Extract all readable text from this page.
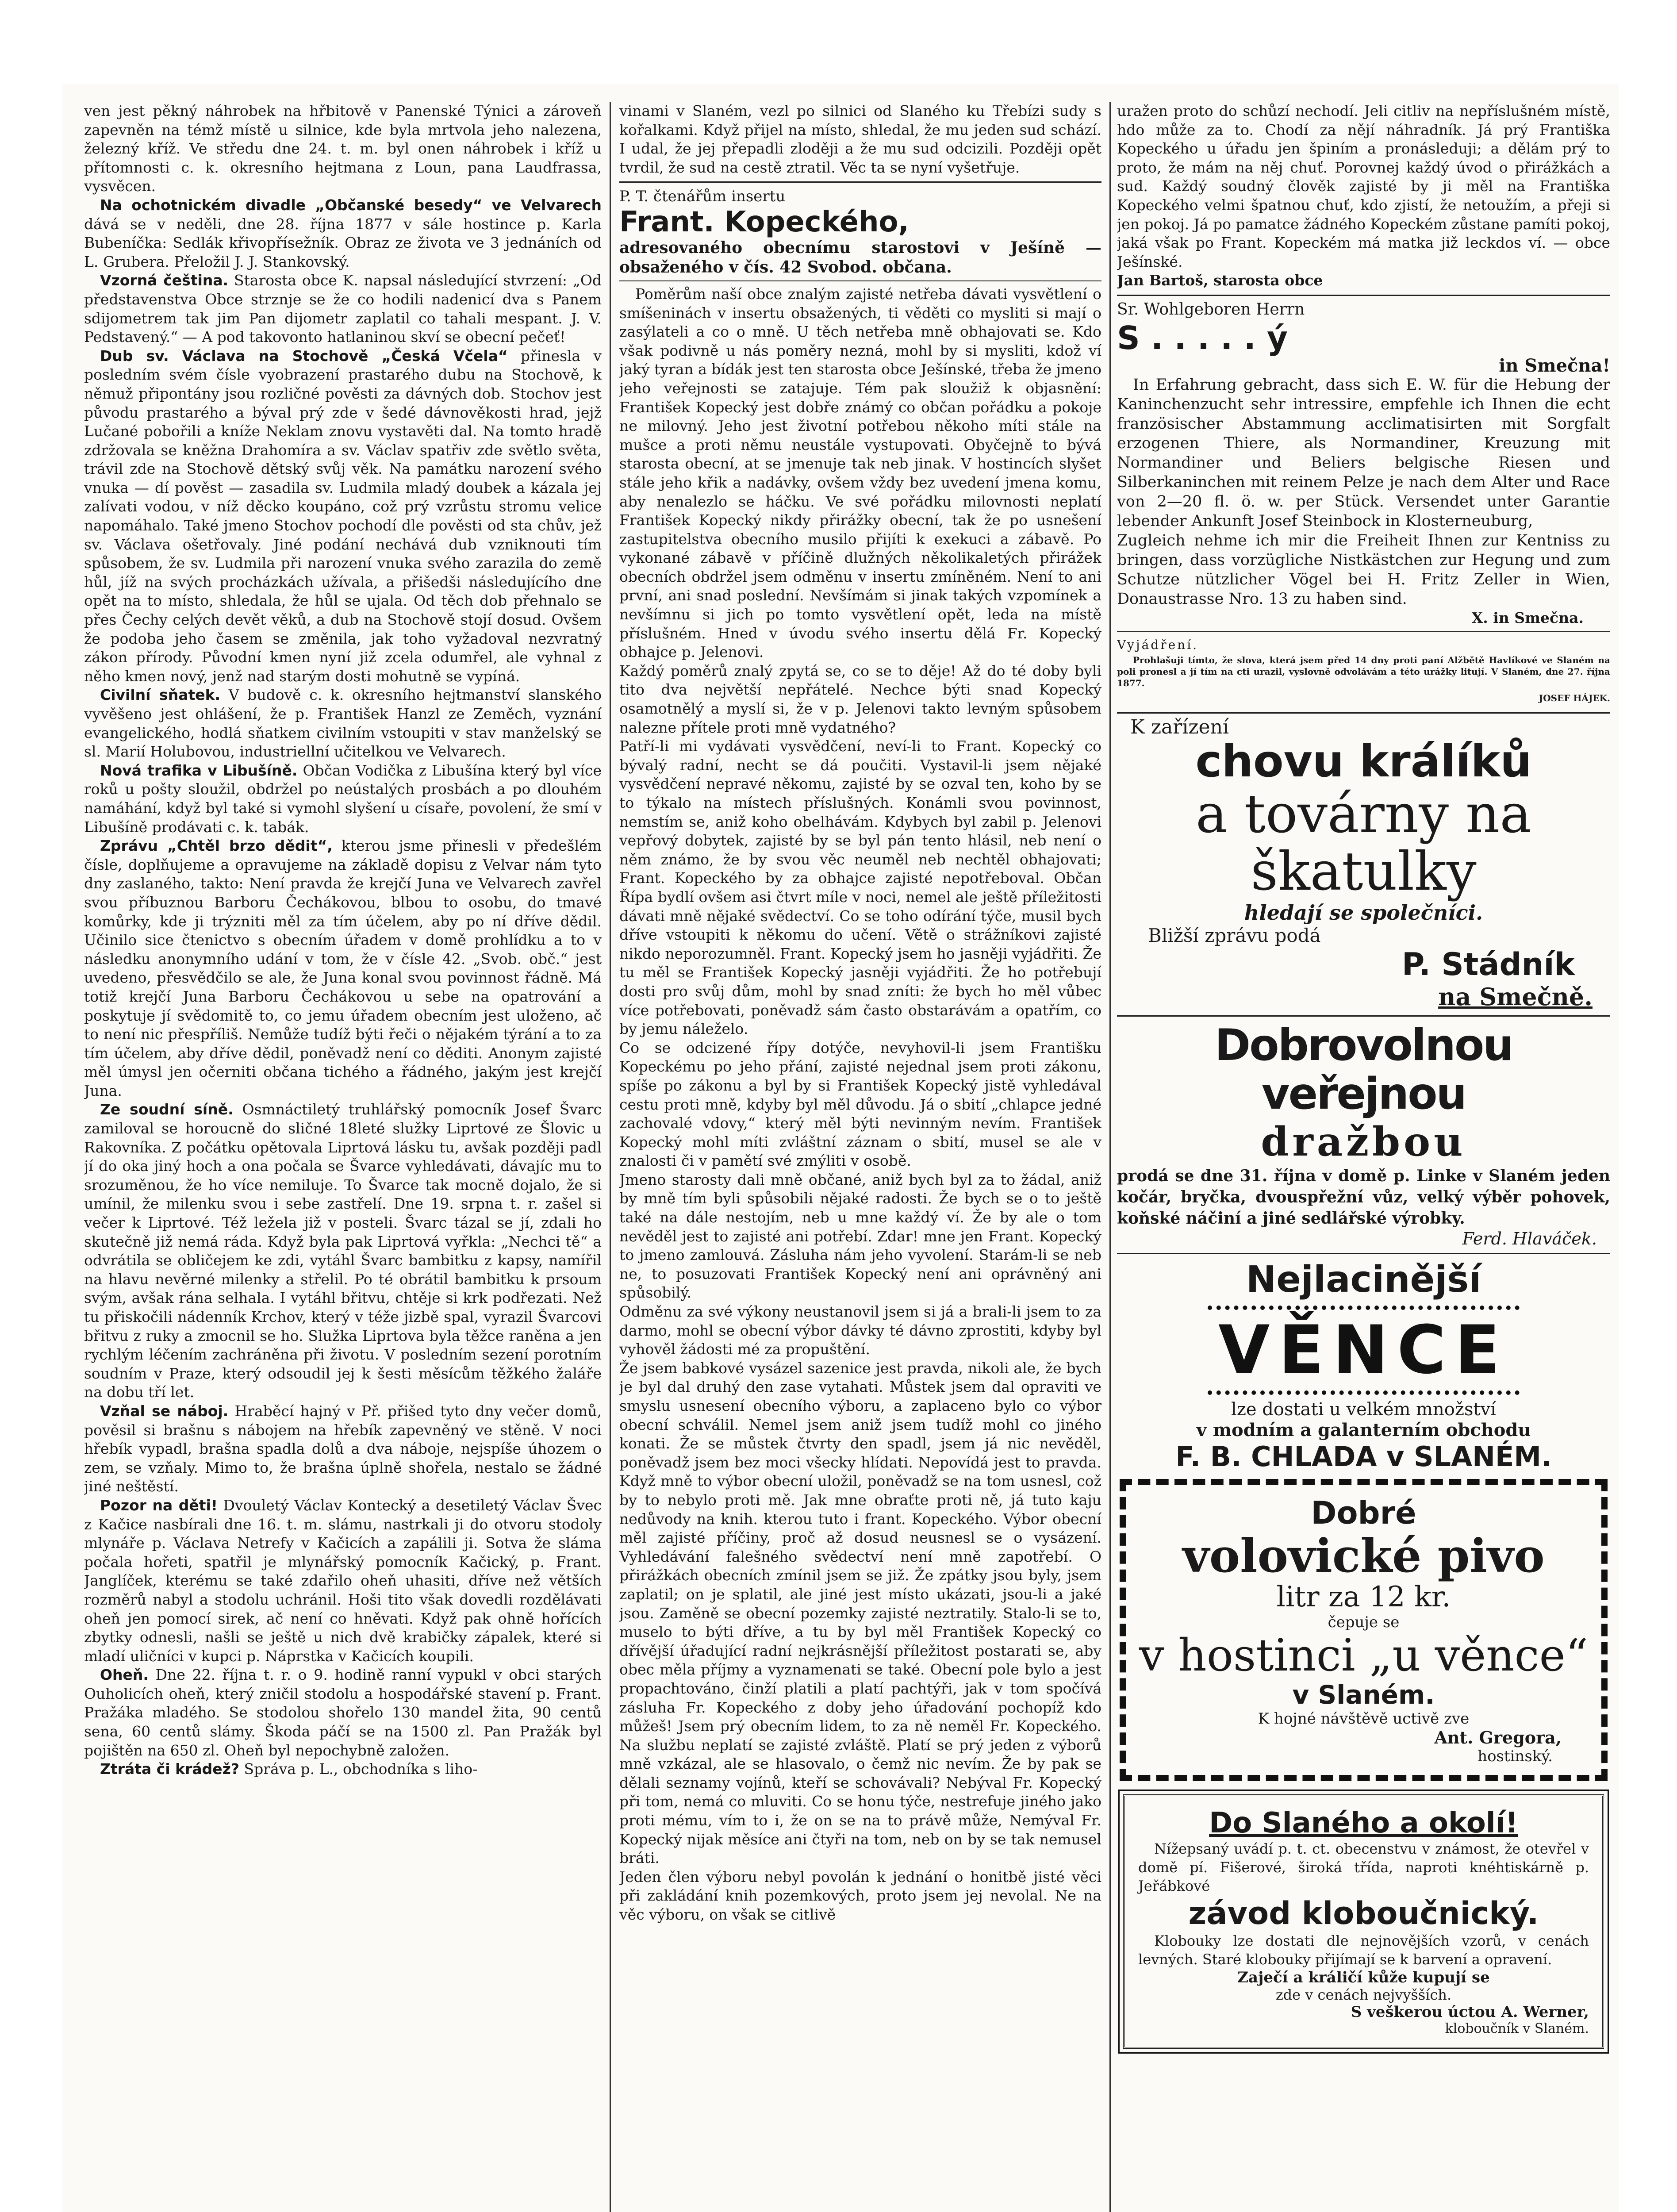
ven jest pěkný náhrobek na hřbitově v Panenské Týnici a zároveň zapevněn na témž místě u silnice, kde byla mrtvola jeho nalezena, železný kříž. Ve středu dne 24. t. m. byl onen náhrobek i kříž u přítomnosti c. k. okresního hejtmana z Loun, pana Laudfrassa, vysvěcen.

Na ochotnickém divadle „Občanské besedy“ ve Velvarech dává se v neděli, dne 28. října 1877 v sále hostince p. Karla Bubeníčka: Sedlák křivopřísežník. Obraz ze života ve 3 jednáních od L. Grubera. Přeložil J. J. Stankovský.

Vzorná čeština. Starosta obce K. napsal následující stvrzení: „Od představenstva Obce strznje se že co hodili nadenicí dva s Panem sdijometrem tak jim Pan dijometr zaplatil co tahali mespant. J. V. Pedstavený.“ — A pod takovonto hatlaninou skví se obecní pečeť!

Dub sv. Václava na Stochově „Česká Včela“ přinesla v posledním svém čísle vyobrazení prastarého dubu na Stochově, k němuž připontány jsou rozličné pověsti za dávných dob. Stochov jest původu prastarého a býval prý zde v šedé dávnověkosti hrad, jejž Lučané pobořili a kníže Neklam znovu vystavěti dal. Na tomto hradě zdržovala se kněžna Drahomíra a sv. Václav spatřiv zde světlo světa, trávil zde na Stochově dětský svůj věk. Na památku narození svého vnuka — dí pověst — zasadila sv. Ludmila mladý doubek a kázala jej zalívati vodou, v níž děcko koupáno, což prý vzrůstu stromu velice napomáhalo. Také jmeno Stochov pochodí dle pověsti od sta chův, jež sv. Václava ošetřovaly. Jiné podání nechává dub vzniknouti tím spůsobem, že sv. Ludmila při narození vnuka svého zarazila do země hůl, jíž na svých procházkách užívala, a přišedši následujícího dne opět na to místo, shledala, že hůl se ujala. Od těch dob přehnalo se přes Čechy celých devět věků, a dub na Stochově stojí dosud. Ovšem že podoba jeho časem se změnila, jak toho vyžadoval nezvratný zákon přírody. Původní kmen nyní již zcela odumřel, ale vyhnal z něho kmen nový, jenž nad starým dosti mohutně se vypíná.

Civilní sňatek. V budově c. k. okresního hejtmanství slanského vyvěšeno jest ohlášení, že p. František Hanzl ze Zeměch, vyznání evangelického, hodlá sňatkem civilním vstoupiti v stav manželský se sl. Marií Holubovou, industriellní učitelkou ve Velvarech.

Nová trafika v Libušíně. Občan Vodička z Libušína který byl více roků u pošty sloužil, obdržel po neústalých prosbách a po dlouhém namáhání, když byl také si vymohl slyšení u císaře, povolení, že smí v Libušíně prodávati c. k. tabák.

Zprávu „Chtěl brzo dědit“, kterou jsme přinesli v předešlém čísle, doplňujeme a opravujeme na základě dopisu z Velvar nám tyto dny zaslaného, takto: Není pravda že krejčí Juna ve Velvarech zavřel svou příbuznou Barboru Čechákovou, blbou to osobu, do tmavé komůrky, kde ji trýzniti měl za tím účelem, aby po ní dříve dědil. Učinilo sice čtenictvo s obecním úřadem v domě prohlídku a to v následku anonymního udání v tom, že v čísle 42. „Svob. obč.“ jest uvedeno, přesvědčilo se ale, že Juna konal svou povinnost řádně. Má totiž krejčí Juna Barboru Čechákovou u sebe na opatrování a poskytuje jí svědomitě to, co jemu úřadem obecním jest uloženo, ač to není nic přespříliš. Nemůže tudíž býti řeči o nějakém týrání a to za tím účelem, aby dříve dědil, poněvadž není co děditi. Anonym zajisté měl úmysl jen očerniti občana tichého a řádného, jakým jest krejčí Juna.

Ze soudní síně. Osmnáctiletý truhlářský pomocník Josef Švarc zamiloval se horoucně do sličné 18leté služky Liprtové ze Šlovic u Rakovníka. Z počátku opětovala Liprtová lásku tu, avšak později padl jí do oka jiný hoch a ona počala se Švarce vyhledávati, dávajíc mu to srozuměnou, že ho více nemiluje. To Švarce tak mocně dojalo, že si umínil, že milenku svou i sebe zastřelí. Dne 19. srpna t. r. zašel si večer k Liprtové. Též ležela již v posteli. Švarc tázal se jí, zdali ho skutečně již nemá ráda. Když byla pak Liprtová vyřkla: „Nechci tě“ a odvrátila se obličejem ke zdi, vytáhl Švarc bambitku z kapsy, namířil na hlavu nevěrné milenky a střelil. Po té obrátil bambitku k prsoum svým, avšak rána selhala. I vytáhl břitvu, chtěje si krk podřezati. Než tu přiskočili nádenník Krchov, který v téže jizbě spal, vyrazil Švarcovi břitvu z ruky a zmocnil se ho. Služka Liprtova byla těžce raněna a jen rychlým léčením zachráněna při životu. V posledním sezení porotním soudním v Praze, který odsoudil jej k šesti měsícům těžkého žaláře na dobu tří let.

Vzňal se náboj. Hraběcí hajný v Př. přišed tyto dny večer domů, pověsil si brašnu s nábojem na hřebík zapevněný ve stěně. V noci hřebík vypadl, brašna spadla dolů a dva náboje, nejspíše úhozem o zem, se vzňaly. Mimo to, že brašna úplně shořela, nestalo se žádné jiné neštěstí.

Pozor na děti! Dvouletý Václav Kontecký a desetiletý Václav Švec z Kačice nasbírali dne 16. t. m. slámu, nastrkali ji do otvoru stodoly mlynáře p. Václava Netrefy v Kačicích a zapálili ji. Sotva že sláma počala hořeti, spatřil je mlynářský pomocník Kačický, p. Frant. Janglíček, kterému se také zdařilo oheň uhasiti, dříve než větších rozměrů nabyl a stodolu uchránil. Hoši tito však dovedli rozdělávati oheň jen pomocí sirek, ač není co hněvati. Když pak ohně hořících zbytky odnesli, našli se ještě u nich dvě krabičky zápalek, které si mladí uličníci v kupci p. Náprstka v Kačicích koupili.

Oheň. Dne 22. října t. r. o 9. hodině ranní vypukl v obci starých Ouholicích oheň, který zničil stodolu a hospodářské stavení p. Frant. Pražáka mladého. Se stodolou shořelo 130 mandel žita, 90 centů sena, 60 centů slámy. Škoda páčí se na 1500 zl. Pan Pražák byl pojištěn na 650 zl. Oheň byl nepochybně založen.

Ztráta či krádež? Správa p. L., obchodníka s liho-

vinami v Slaném, vezl po silnici od Slaného ku Třebízi sudy s kořalkami. Když přijel na místo, shledal, že mu jeden sud schází. I udal, že jej přepadli zloději a že mu sud odcizili. Později opět tvrdil, že sud na cestě ztratil. Věc ta se nyní vyšetřuje.

P. T. čtenářům insertu

Frant. Kopeckého,

adresovaného obecnímu starostovi v Ješíně — obsaženého v čís. 42 Svobod. občana.

Poměrům naší obce znalým zajisté netřeba dávati vysvětlení o smíšeninách v insertu obsažených, ti věděti co mysliti si mají o zasýlateli a co o mně. U těch netřeba mně obhajovati se. Kdo však podivně u nás poměry nezná, mohl by si mysliti, kdož ví jaký tyran a bídák jest ten starosta obce Ješínské, třeba že jmeno jeho veřejnosti se zatajuje. Tém pak sloužiž k objasnění: František Kopecký jest dobře známý co občan pořádku a pokoje ne milovný. Jeho jest životní potřebou někoho míti stále na mušce a proti němu neustále vystupovati. Obyčejně to bývá starosta obecní, at se jmenuje tak neb jinak. V hostincích slyšet stále jeho křik a nadávky, ovšem vždy bez uvedení jmena komu, aby nenalezlo se háčku. Ve své pořádku milovnosti neplatí František Kopecký nikdy přirážky obecní, tak že po usnešení zastupitelstva obecního musilo přijíti k exekuci a zábavě. Po vykonané zábavě v příčině dlužných několikaletých přirážek obecních obdržel jsem odměnu v insertu zmíněném. Není to ani první, ani snad poslední. Nevšímám si jinak takých vzpomínek a nevšímnu si jich po tomto vysvětlení opět, leda na místě příslušném. Hned v úvodu svého insertu dělá Fr. Kopecký obhajce p. Jelenovi.
Každý poměrů znalý zpytá se, co se to děje! Až do té doby byli tito dva největší nepřátelé. Nechce býti snad Kopecký osamotnělý a myslí si, že v p. Jelenovi takto levným spůsobem nalezne přítele proti mně vydatného?
Patří-li mi vydávati vysvědčení, neví-li to Frant. Kopecký co bývalý radní, necht se dá poučiti. Vystavil-li jsem nějaké vysvědčení nepravé někomu, zajisté by se ozval ten, koho by se to týkalo na místech příslušných. Konámli svou povinnost, nemstím se, aniž koho obelhávám. Kdybych byl zabil p. Jelenovi vepřový dobytek, zajisté by se byl pán tento hlásil, neb není o něm známo, že by svou věc neuměl neb nechtěl obhajovati; Frant. Kopeckého by za obhajce zajisté nepotřeboval. Občan Řípa bydlí ovšem asi čtvrt míle v noci, nemel ale ještě příležitosti dávati mně nějaké svědectví. Co se toho odírání týče, musil bych dříve vstoupiti k někomu do učení. Větě o strážníkovi zajisté nikdo neporozumněl. Frant. Kopecký jsem ho jasněji vyjádřiti. Že tu měl se František Kopecký jasněji vyjádřiti. Že ho potřebují dosti pro svůj dům, mohl by snad zníti: že bych ho měl vůbec více potřebovati, poněvadž sám často obstarávám a opatřím, co by jemu náleželo.
Co se odcizené řípy dotýče, nevyhovil-li jsem Františku Kopeckému po jeho přání, zajisté nejednal jsem proti zákonu, spíše po zákonu a byl by si František Kopecký jistě vyhledával cestu proti mně, kdyby byl měl důvodu. Já o sbití „chlapce jedné zachovalé vdovy,“ který měl býti nevinným nevím. František Kopecký mohl míti zvláštní záznam o sbití, musel se ale v znalosti či v pamětí své zmýliti v osobě.
Jmeno starosty dali mně občané, aniž bych byl za to žádal, aniž by mně tím byli spůsobili nějaké radosti. Že bych se o to ještě také na dále nestojím, neb u mne každý ví. Že by ale o tom nevěděl jest to zajisté ani potřebí. Zdar! mne jen Frant. Kopecký to jmeno zamlouvá. Zásluha nám jeho vyvolení. Starám-li se neb ne, to posuzovati František Kopecký není ani oprávněný ani spůsobilý.
Odměnu za své výkony neustanovil jsem si já a brali-li jsem to za darmo, mohl se obecní výbor dávky té dávno zprostiti, kdyby byl vyhověl žádosti mé za propuštění.
Že jsem babkové vysázel sazenice jest pravda, nikoli ale, že bych je byl dal druhý den zase vytahati. Můstek jsem dal opraviti ve smyslu usnesení obecního výboru, a zaplaceno bylo co výbor obecní schválil. Nemel jsem aniž jsem tudíž mohl co jiného konati. Že se můstek čtvrty den spadl, jsem já nic nevěděl, poněvadž jsem bez moci všecky hlídati. Nepovídá jest to pravda. Když mně to výbor obecní uložil, poněvadž se na tom usnesl, což by to nebylo proti mě. Jak mne obraťte proti ně, já tuto kaju nedůvody na knih. kterou tuto i frant. Kopeckého. Výbor obecní měl zajisté příčiny, proč až dosud neusnesl se o vysázení. Vyhledávání falešného svědectví není mně zapotřebí. O přirážkách obecních zmínil jsem se již. Že zpátky jsou byly, jsem zaplatil; on je splatil, ale jiné jest místo ukázati, jsou-li a jaké jsou. Zaměně se obecní pozemky zajisté neztratily. Stalo-li se to, muselo to býti dříve, a tu by byl měl František Kopecký co dřívější úřadující radní nejkrásnější příležitost postarati se, aby obec měla příjmy a vyznamenati se také. Obecní pole bylo a jest propachtováno, činží platili a platí pachtýři, jak v tom spočívá zásluha Fr. Kopeckého z doby jeho úřadování pochopíž kdo můžeš! Jsem prý obecním lidem, to za ně neměl Fr. Kopeckého. Na službu neplatí se zajisté zvláště. Platí se prý jeden z výborů mně vzkázal, ale se hlasovalo, o čemž nic nevím. Že by pak se dělali seznamy vojínů, kteří se schovávali? Nebýval Fr. Kopecký při tom, nemá co mluviti. Co se honu týče, nestrefuje jiného jako proti mému, vím to i, že on se na to právě může, Nemýval Fr. Kopecký nijak měsíce ani čtyři na tom, neb on by se tak nemusel bráti.
Jeden člen výboru nebyl povolán k jednání o honitbě jisté věci při zakládání knih pozemkových, proto jsem jej nevolal. Ne na věc výboru, on však se citlivě

uražen proto do schůzí nechodí. Jeli citliv na nepříslušném místě, hdo může za to. Chodí za nějí náhradník. Já prý Františka Kopeckého u úřadu jen špiním a pronásleduji; a dělám prý to proto, že mám na něj chuť. Porovnej každý úvod o přirážkách a sud. Každý soudný člověk zajisté by ji měl na Františka Kopeckého velmi špatnou chuť, kdo zjistí, že netoužím, a přeji si jen pokoj. Já po pamatce žádného Kopeckém zůstane pamíti pokoj, jaká však po Frant. Kopeckém má matka již leckdos ví. — obce Ješínské.

Jan Bartoš, starosta obce

Sr. Wohlgeboren Herrn

S . . . . . ý

in Smečna!

In Erfahrung gebracht, dass sich E. W. für die Hebung der Kaninchenzucht sehr intressire, empfehle ich Ihnen die echt französischer Abstammung acclimatisirten mit Sorgfalt erzogenen Thiere, als Normandiner, Kreuzung mit Normandiner und Beliers belgische Riesen und Silberkaninchen mit reinem Pelze je nach dem Alter und Race von 2—20 fl. ö. w. per Stück. Versendet unter Garantie lebender Ankunft Josef Steinbock in Klosterneuburg,
Zugleich nehme ich mir die Freiheit Ihnen zur Kentniss zu bringen, dass vorzügliche Nistkästchen zur Hegung und zum Schutze nützlicher Vögel bei H. Fritz Zeller in Wien, Donaustrasse Nro. 13 zu haben sind.

X. in Smečna.

Vyjádření.

Prohlašuji tímto, že slova, která jsem před 14 dny proti paní Alžbětě Havlíkové ve Slaném na poli pronesl a jí tím na cti urazil, vyslovně odvolávám a této urážky litují. V Slaném, dne 27. října 1877.

JOSEF HÁJEK.

K zařízení

chovu králíků
a továrny na škatulky
hledají se společníci.
Bližší zprávu podá
P. Stádník
na Smečně.
Dobrovolnou veřejnou
dražbou

prodá se dne 31. října v domě p. Linke v Slaném jeden kočár, bryčka, dvouspřežní vůz, velký výběr pohovek, koňské náčiní a jiné sedlářské výrobky.

Ferd. Hlaváček.
Nejlacinější
VĚNCE
lze dostati u velkém množství
v modním a galanterním obchodu
F. B. CHLADA v SLANÉM.
Dobré
volovické pivo
litr za 12 kr.
čepuje se
v hostinci „u věnce“
v Slaném.
K hojné návštěvě uctivě zve
Ant. Gregora,
hostinský.
Do Slaného a okolí!

Nížepsaný uvádí p. t. ct. obecenstvu v známost, že otevřel v domě pí. Fišerové, široká třída, naproti knéhtiskárně p. Jeřábkové

závod kloboučnický.

Klobouky lze dostati dle nejnovějších vzorů, v cenách levných. Staré klobouky přijímají se k barvení a opravení.

Zaječí a králičí kůže kupují se
zde v cenách nejvyšších.
S veškerou úctou A. Werner,
kloboučník v Slaném.
